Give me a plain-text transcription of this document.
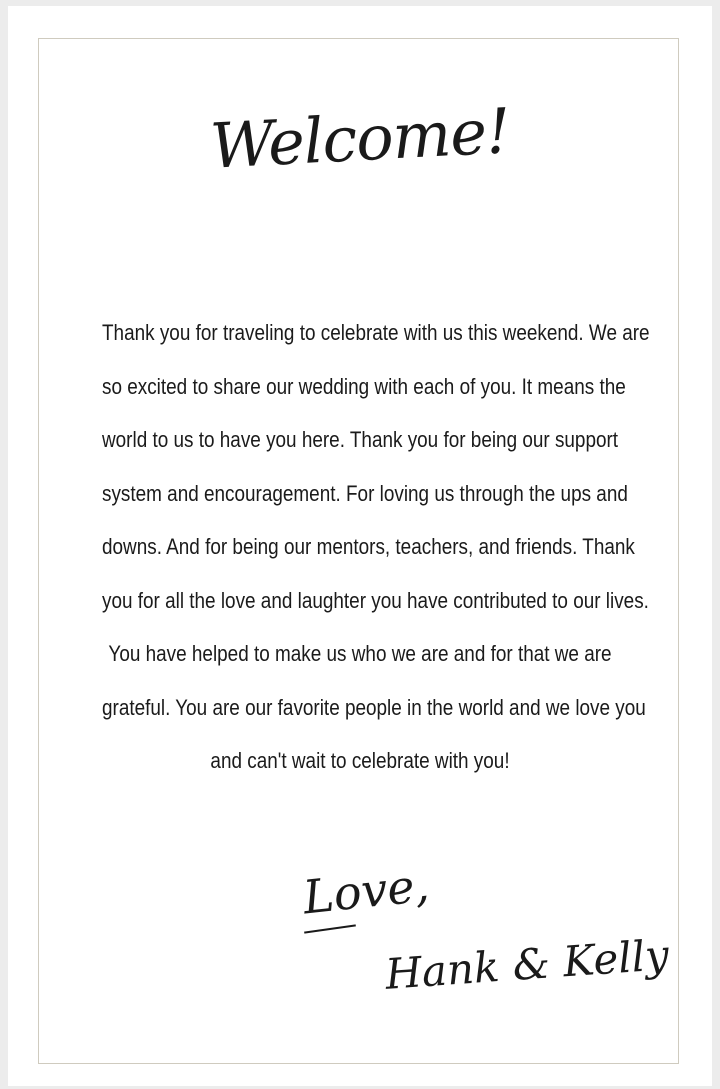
Welcome!
Thank you for traveling to celebrate with us this weekend. We are
so excited to share our wedding with each of you. It means the
world to us to have you here. Thank you for being our support
system and encouragement. For loving us through the ups and
downs. And for being our mentors, teachers, and friends. Thank
you for all the love and laughter you have contributed to our lives.
You have helped to make us who we are and for that we are
grateful. You are our favorite people in the world and we love you
and can't wait to celebrate with you!
Love,
Hank & Kelly
